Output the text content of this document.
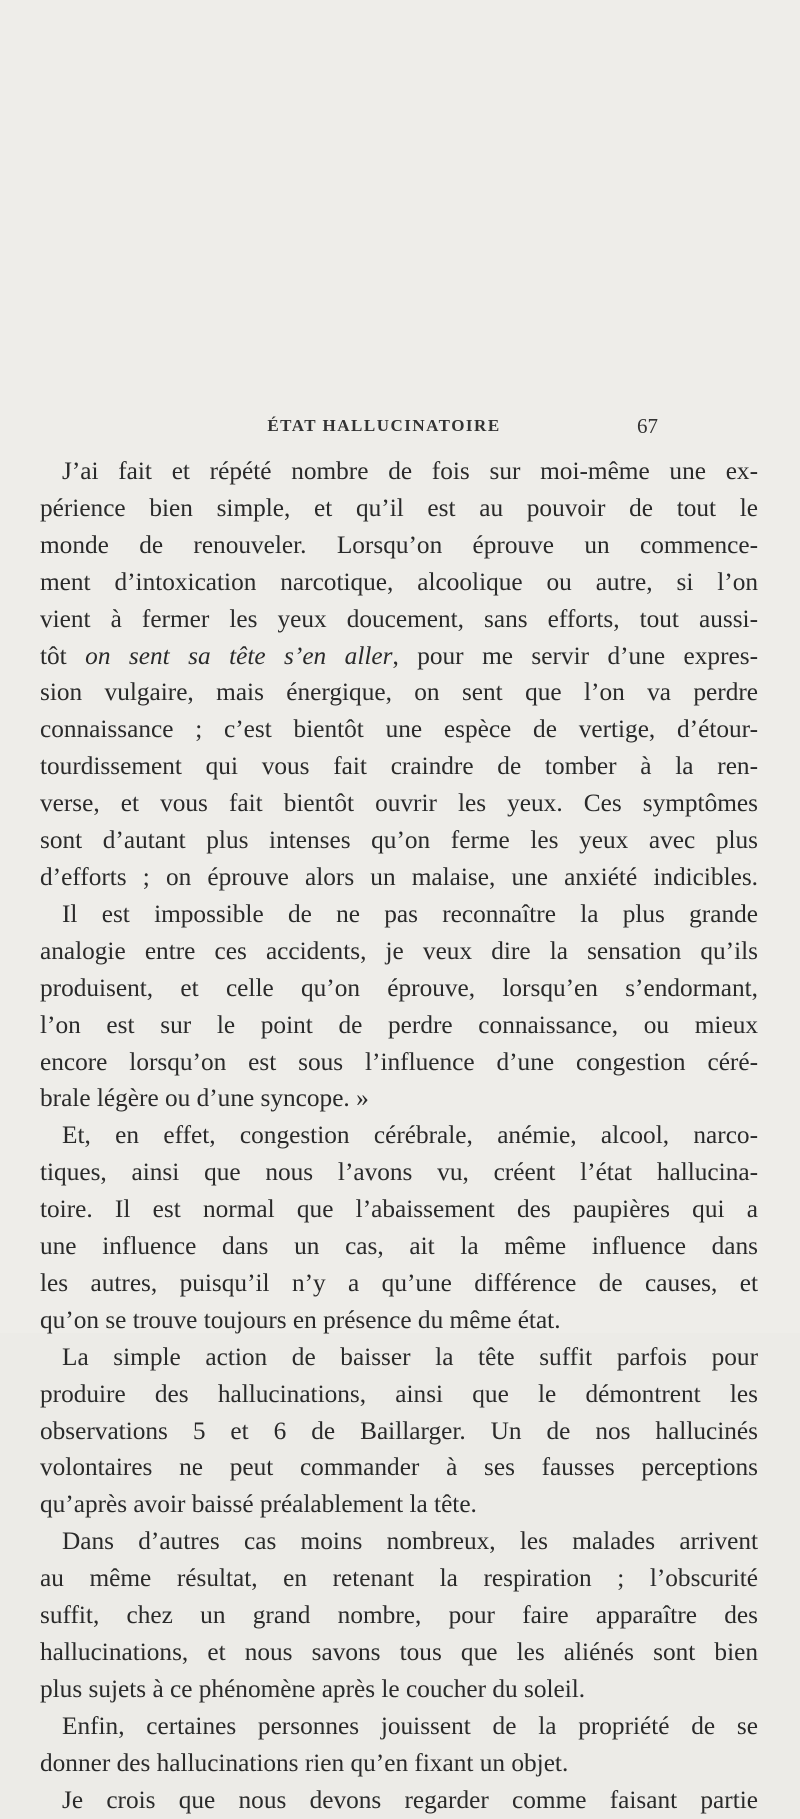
ÉTAT HALLUCINATOIRE	67
J’ai fait et répété nombre de fois sur moi-même une ex-
périence bien simple, et qu’il est au pouvoir de tout le
monde de renouveler. Lorsqu’on éprouve un commence-
ment d’intoxication narcotique, alcoolique ou autre, si l’on
vient à fermer les yeux doucement, sans efforts, tout aussi-
tôt on sent sa tête s’en aller, pour me servir d’une expres-
sion vulgaire, mais énergique, on sent que l’on va perdre
connaissance ; c’est bientôt une espèce de vertige, d’étour-
tourdissement qui vous fait craindre de tomber à la ren-
verse, et vous fait bientôt ouvrir les yeux. Ces symptômes
sont d’autant plus intenses qu’on ferme les yeux avec plus
d’efforts ; on éprouve alors un malaise, une anxiété indicibles.
Il est impossible de ne pas reconnaître la plus grande
analogie entre ces accidents, je veux dire la sensation qu’ils
produisent, et celle qu’on éprouve, lorsqu’en s’endormant,
l’on est sur le point de perdre connaissance, ou mieux
encore lorsqu’on est sous l’influence d’une congestion céré-
brale légère ou d’une syncope. »
Et, en effet, congestion cérébrale, anémie, alcool, narco-
tiques, ainsi que nous l’avons vu, créent l’état hallucina-
toire. Il est normal que l’abaissement des paupières qui a
une influence dans un cas, ait la même influence dans
les autres, puisqu’il n’y a qu’une différence de causes, et
qu’on se trouve toujours en présence du même état.
La simple action de baisser la tête suffit parfois pour
produire des hallucinations, ainsi que le démontrent les
observations 5 et 6 de Baillarger. Un de nos hallucinés
volontaires ne peut commander à ses fausses perceptions
qu’après avoir baissé préalablement la tête.
Dans d’autres cas moins nombreux, les malades arrivent
au même résultat, en retenant la respiration ; l’obscurité
suffit, chez un grand nombre, pour faire apparaître des
hallucinations, et nous savons tous que les aliénés sont bien
plus sujets à ce phénomène après le coucher du soleil.
Enfin, certaines personnes jouissent de la propriété de se
donner des hallucinations rien qu’en fixant un objet.
Je crois que nous devons regarder comme faisant partie
